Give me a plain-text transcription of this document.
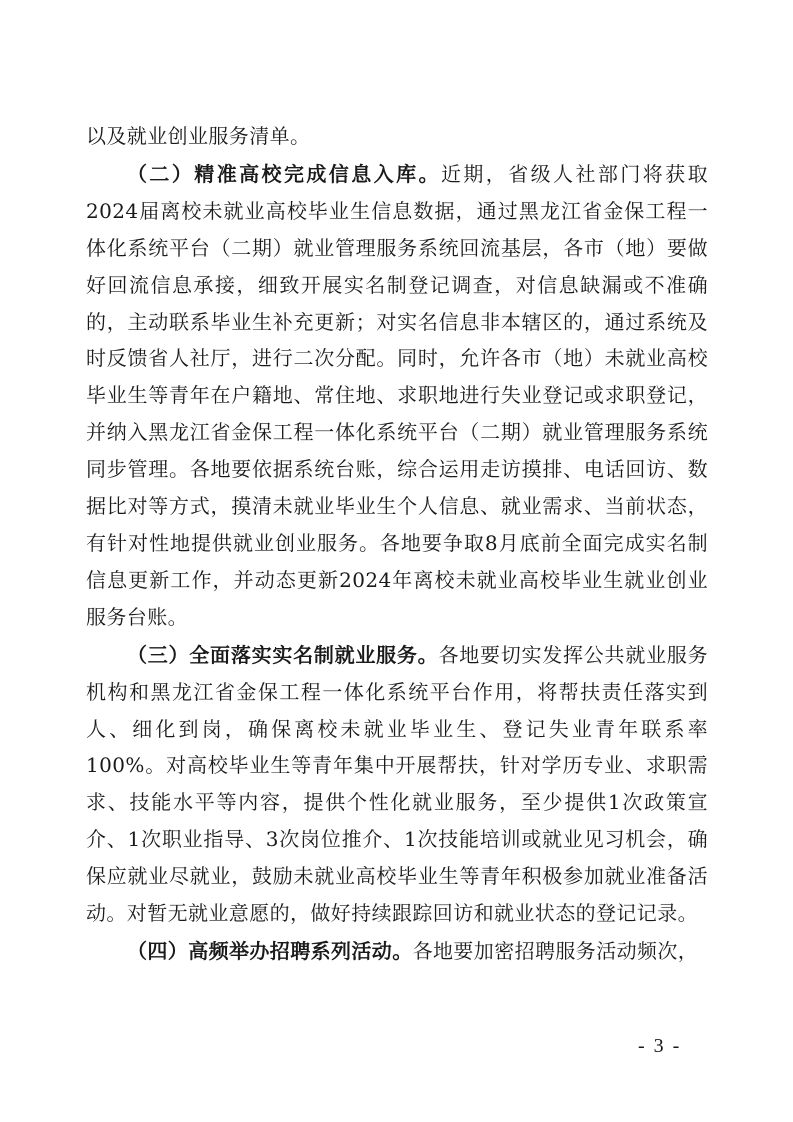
以及就业创业服务清单。

（二）精准高校完成信息入库。近期，省级人社部门将获取2024届离校未就业高校毕业生信息数据，通过黑龙江省金保工程一体化系统平台（二期）就业管理服务系统回流基层，各市（地）要做好回流信息承接，细致开展实名制登记调查，对信息缺漏或不准确的，主动联系毕业生补充更新；对实名信息非本辖区的，通过系统及时反馈省人社厅，进行二次分配。同时，允许各市（地）未就业高校毕业生等青年在户籍地、常住地、求职地进行失业登记或求职登记，并纳入黑龙江省金保工程一体化系统平台（二期）就业管理服务系统同步管理。各地要依据系统台账，综合运用走访摸排、电话回访、数据比对等方式，摸清未就业毕业生个人信息、就业需求、当前状态，有针对性地提供就业创业服务。各地要争取8月底前全面完成实名制信息更新工作，并动态更新2024年离校未就业高校毕业生就业创业服务台账。

（三）全面落实实名制就业服务。各地要切实发挥公共就业服务机构和黑龙江省金保工程一体化系统平台作用，将帮扶责任落实到人、细化到岗，确保离校未就业毕业生、登记失业青年联系率100%。对高校毕业生等青年集中开展帮扶，针对学历专业、求职需求、技能水平等内容，提供个性化就业服务，至少提供1次政策宣介、1次职业指导、3次岗位推介、1次技能培训或就业见习机会，确保应就业尽就业，鼓励未就业高校毕业生等青年积极参加就业准备活动。对暂无就业意愿的，做好持续跟踪回访和就业状态的登记记录。

（四）高频举办招聘系列活动。各地要加密招聘服务活动频次，

- 3 -
